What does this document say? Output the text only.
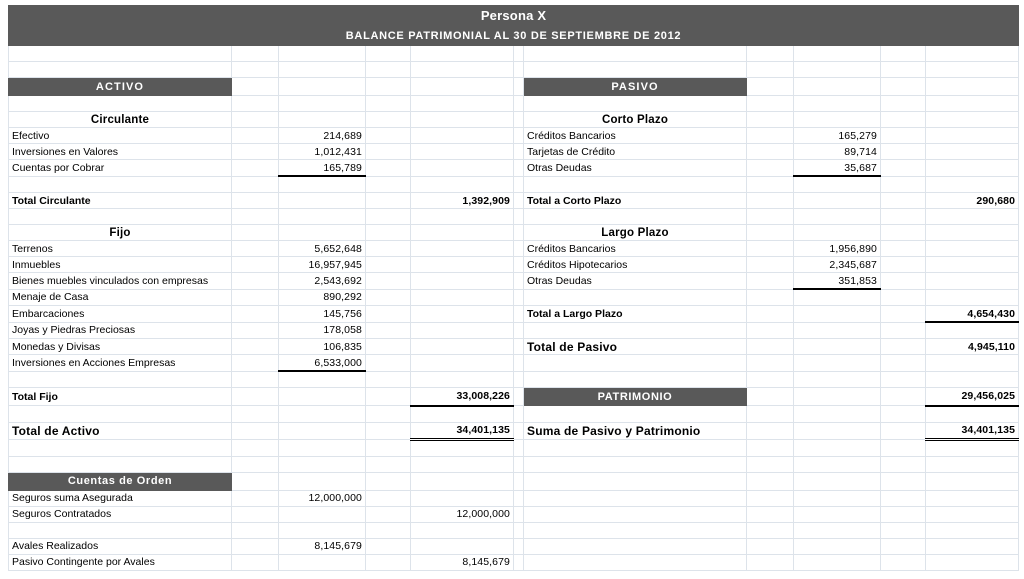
Persona X										
BALANCE PATRIMONIAL AL 30 DE SEPTIEMBRE DE 2012										

ACTIVO						PASIVO				

Circulante						Corto Plazo				
Efectivo		214,689				Créditos Bancarios		165,279		
Inversiones en Valores		1,012,431				Tarjetas de Crédito		89,714		
Cuentas por Cobrar		165,789				Otras Deudas		35,687		

Total Circulante				1,392,909		Total a Corto Plazo				290,680

Fijo						Largo Plazo				
Terrenos		5,652,648				Créditos Bancarios		1,956,890		
Inmuebles		16,957,945				Créditos Hipotecarios		2,345,687		
Bienes muebles vinculados con empresas		2,543,692				Otras Deudas		351,853		
Menaje de Casa		890,292								
Embarcaciones		145,756				Total a Largo Plazo				4,654,430
Joyas y Piedras Preciosas		178,058								
Monedas y Divisas		106,835				Total de Pasivo				4,945,110
Inversiones en Acciones Empresas		6,533,000								

Total Fijo				33,008,226		PATRIMONIO				29,456,025

Total de Activo				34,401,135		Suma de Pasivo y Patrimonio				34,401,135

Cuentas de Orden										
Seguros suma Asegurada		12,000,000								
Seguros Contratados				12,000,000						

Avales Realizados		8,145,679								
Pasivo Contingente por Avales				8,145,679						
